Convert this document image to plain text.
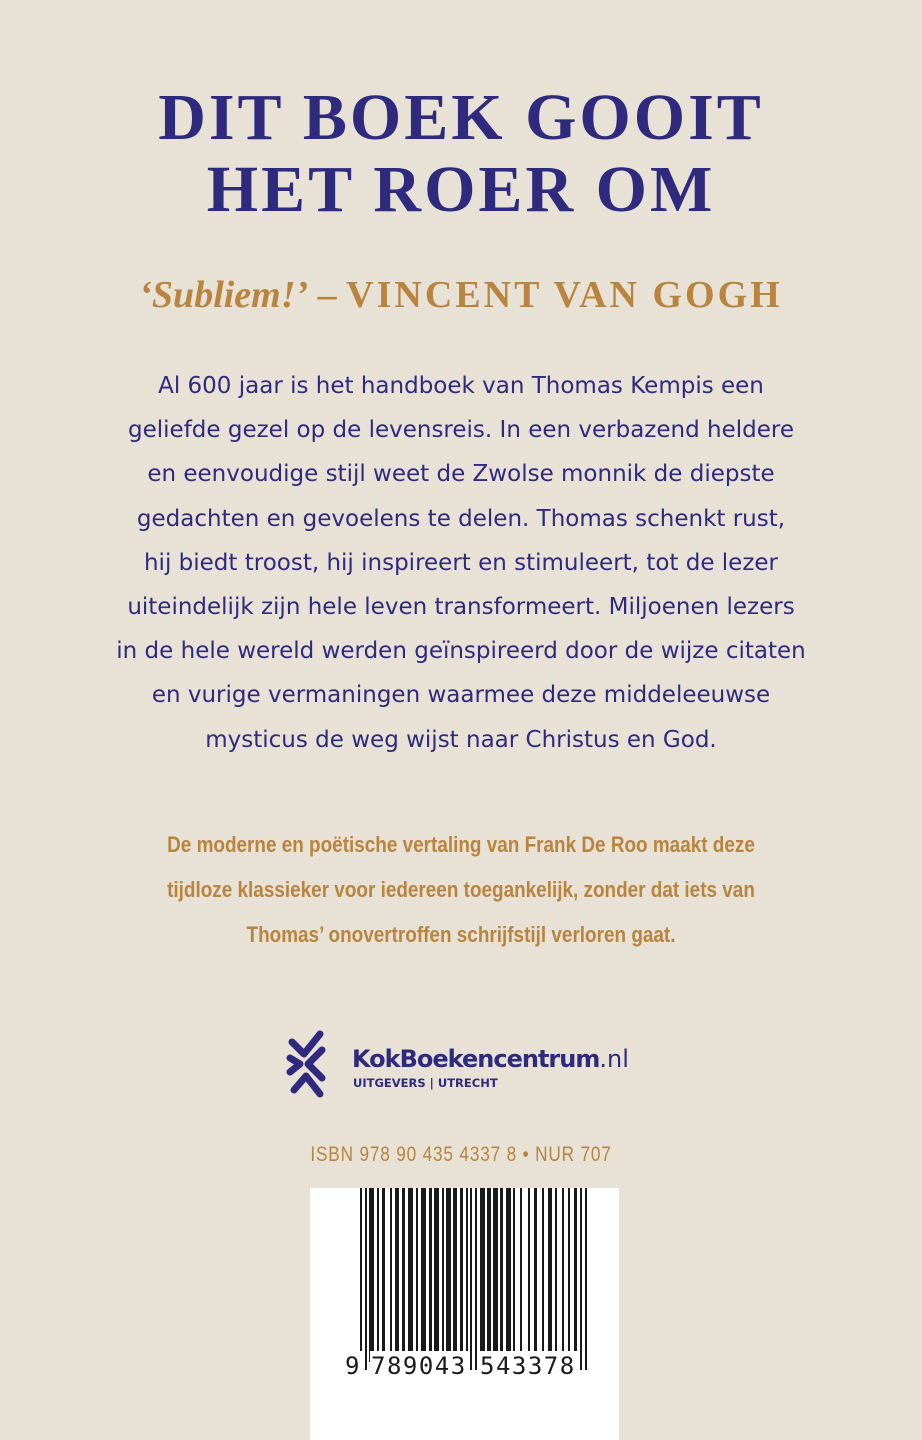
DIT BOEK GOOIT
HET ROER OM

‘Subliem!’ – VINCENT VAN GOGH

Al 600 jaar is het handboek van Thomas Kempis een
geliefde gezel op de levensreis. In een verbazend heldere
en eenvoudige stijl weet de Zwolse monnik de diepste
gedachten en gevoelens te delen. Thomas schenkt rust,
hij biedt troost, hij inspireert en stimuleert, tot de lezer
uiteindelijk zijn hele leven transformeert. Miljoenen lezers
in de hele wereld werden geïnspireerd door de wijze citaten
en vurige vermaningen waarmee deze middeleeuwse
mysticus de weg wijst naar Christus en God.

De moderne en poëtische vertaling van Frank De Roo maakt deze
tijdloze klassieker voor iedereen toegankelijk, zonder dat iets van
Thomas’ onovertroffen schrijfstijl verloren gaat.

KokBoekencentrum.nl
UITGEVERS | UTRECHT
ISBN 978 90 435 4337 8 • NUR 707
9 789043 543378
